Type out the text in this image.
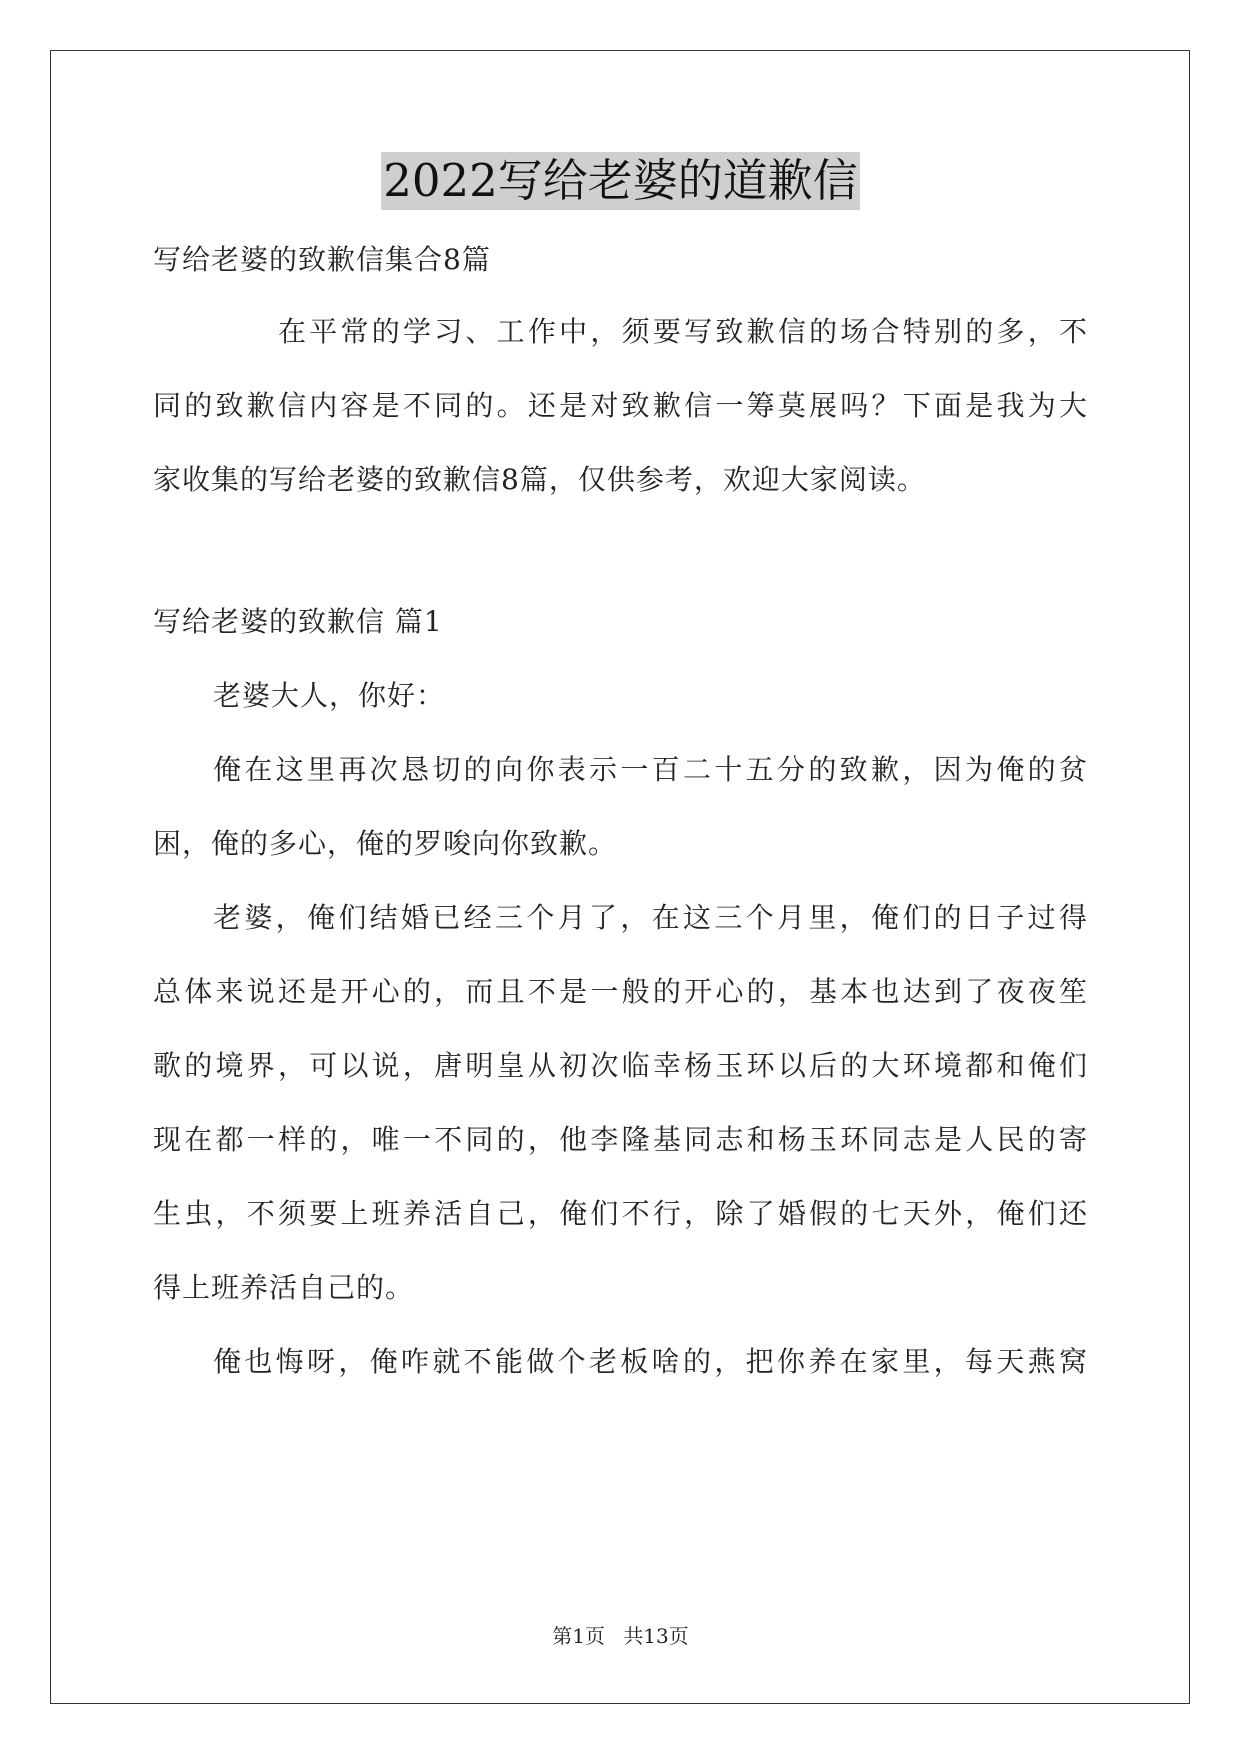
2022写给老婆的道歉信
写给老婆的致歉信集合8篇
在平常的学习、工作中，须要写致歉信的场合特别的多，不
同的致歉信内容是不同的。还是对致歉信一筹莫展吗？下面是我为大
家收集的写给老婆的致歉信8篇，仅供参考，欢迎大家阅读。
写给老婆的致歉信 篇1
老婆大人，你好：
俺在这里再次恳切的向你表示一百二十五分的致歉，因为俺的贫
困，俺的多心，俺的罗唆向你致歉。
老婆，俺们结婚已经三个月了，在这三个月里，俺们的日子过得
总体来说还是开心的，而且不是一般的开心的，基本也达到了夜夜笙
歌的境界，可以说，唐明皇从初次临幸杨玉环以后的大环境都和俺们
现在都一样的，唯一不同的，他李隆基同志和杨玉环同志是人民的寄
生虫，不须要上班养活自己，俺们不行，除了婚假的七天外，俺们还
得上班养活自己的。
俺也悔呀，俺咋就不能做个老板啥的，把你养在家里，每天燕窝
第1页 共13页
